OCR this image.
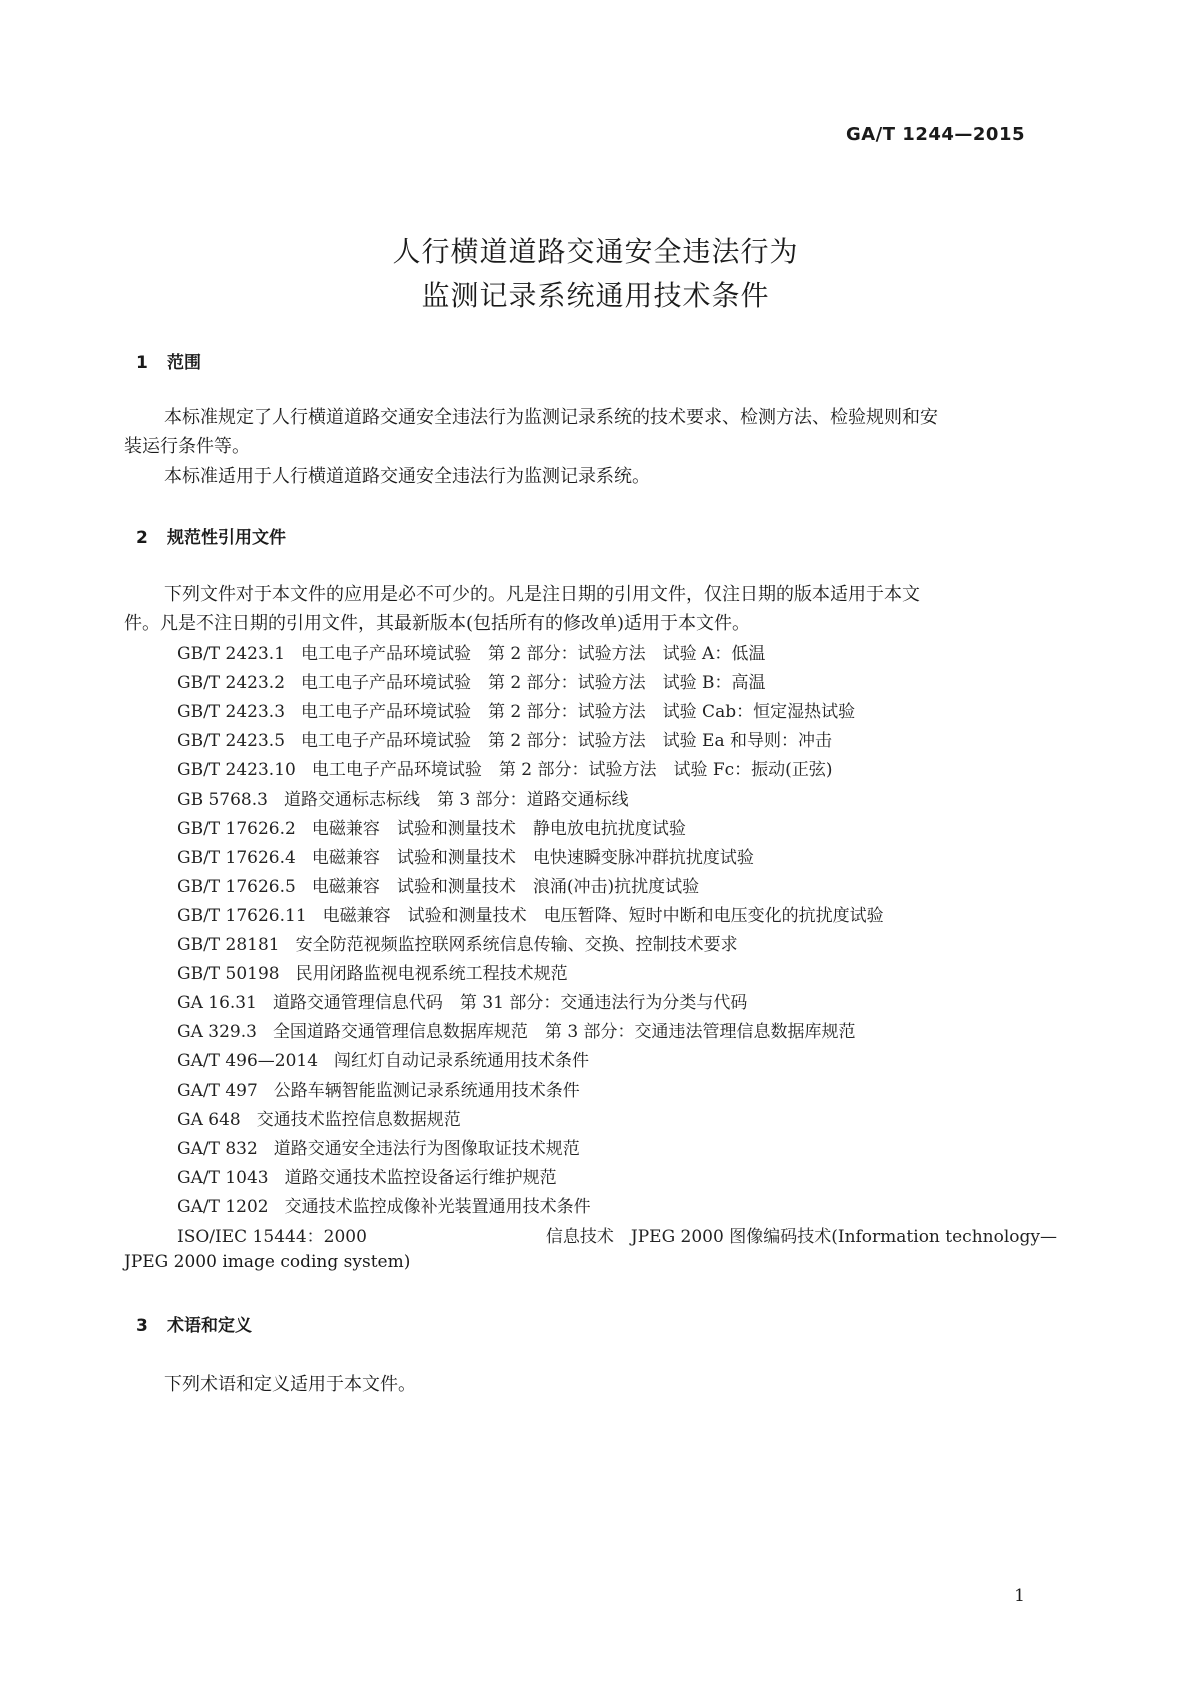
GA/T 1244—2015
人行横道道路交通安全违法行为
监测记录系统通用技术条件
1 范围
本标准规定了人行横道道路交通安全违法行为监测记录系统的技术要求、检测方法、检验规则和安
装运行条件等。
本标准适用于人行横道道路交通安全违法行为监测记录系统。
2 规范性引用文件
下列文件对于本文件的应用是必不可少的。凡是注日期的引用文件，仅注日期的版本适用于本文
件。凡是不注日期的引用文件，其最新版本(包括所有的修改单)适用于本文件。
GB/T 2423.1 电工电子产品环境试验　第 2 部分：试验方法　试验 A：低温
GB/T 2423.2 电工电子产品环境试验　第 2 部分：试验方法　试验 B：高温
GB/T 2423.3 电工电子产品环境试验　第 2 部分：试验方法　试验 Cab：恒定湿热试验
GB/T 2423.5 电工电子产品环境试验　第 2 部分：试验方法　试验 Ea 和导则：冲击
GB/T 2423.10 电工电子产品环境试验　第 2 部分：试验方法　试验 Fc：振动(正弦)
GB 5768.3 道路交通标志标线　第 3 部分：道路交通标线
GB/T 17626.2 电磁兼容　试验和测量技术　静电放电抗扰度试验
GB/T 17626.4 电磁兼容　试验和测量技术　电快速瞬变脉冲群抗扰度试验
GB/T 17626.5 电磁兼容　试验和测量技术　浪涌(冲击)抗扰度试验
GB/T 17626.11 电磁兼容　试验和测量技术　电压暂降、短时中断和电压变化的抗扰度试验
GB/T 28181 安全防范视频监控联网系统信息传输、交换、控制技术要求
GB/T 50198 民用闭路监视电视系统工程技术规范
GA 16.31 道路交通管理信息代码　第 31 部分：交通违法行为分类与代码
GA 329.3 全国道路交通管理信息数据库规范　第 3 部分：交通违法管理信息数据库规范
GA/T 496—2014 闯红灯自动记录系统通用技术条件
GA/T 497 公路车辆智能监测记录系统通用技术条件
GA 648 交通技术监控信息数据规范
GA/T 832 道路交通安全违法行为图像取证技术规范
GA/T 1043 道路交通技术监控设备运行维护规范
GA/T 1202 交通技术监控成像补光装置通用技术条件
ISO/IEC 15444：2000	信息技术　JPEG 2000 图像编码技术(Information technology—
JPEG 2000 image coding system)
3 术语和定义
下列术语和定义适用于本文件。
1
